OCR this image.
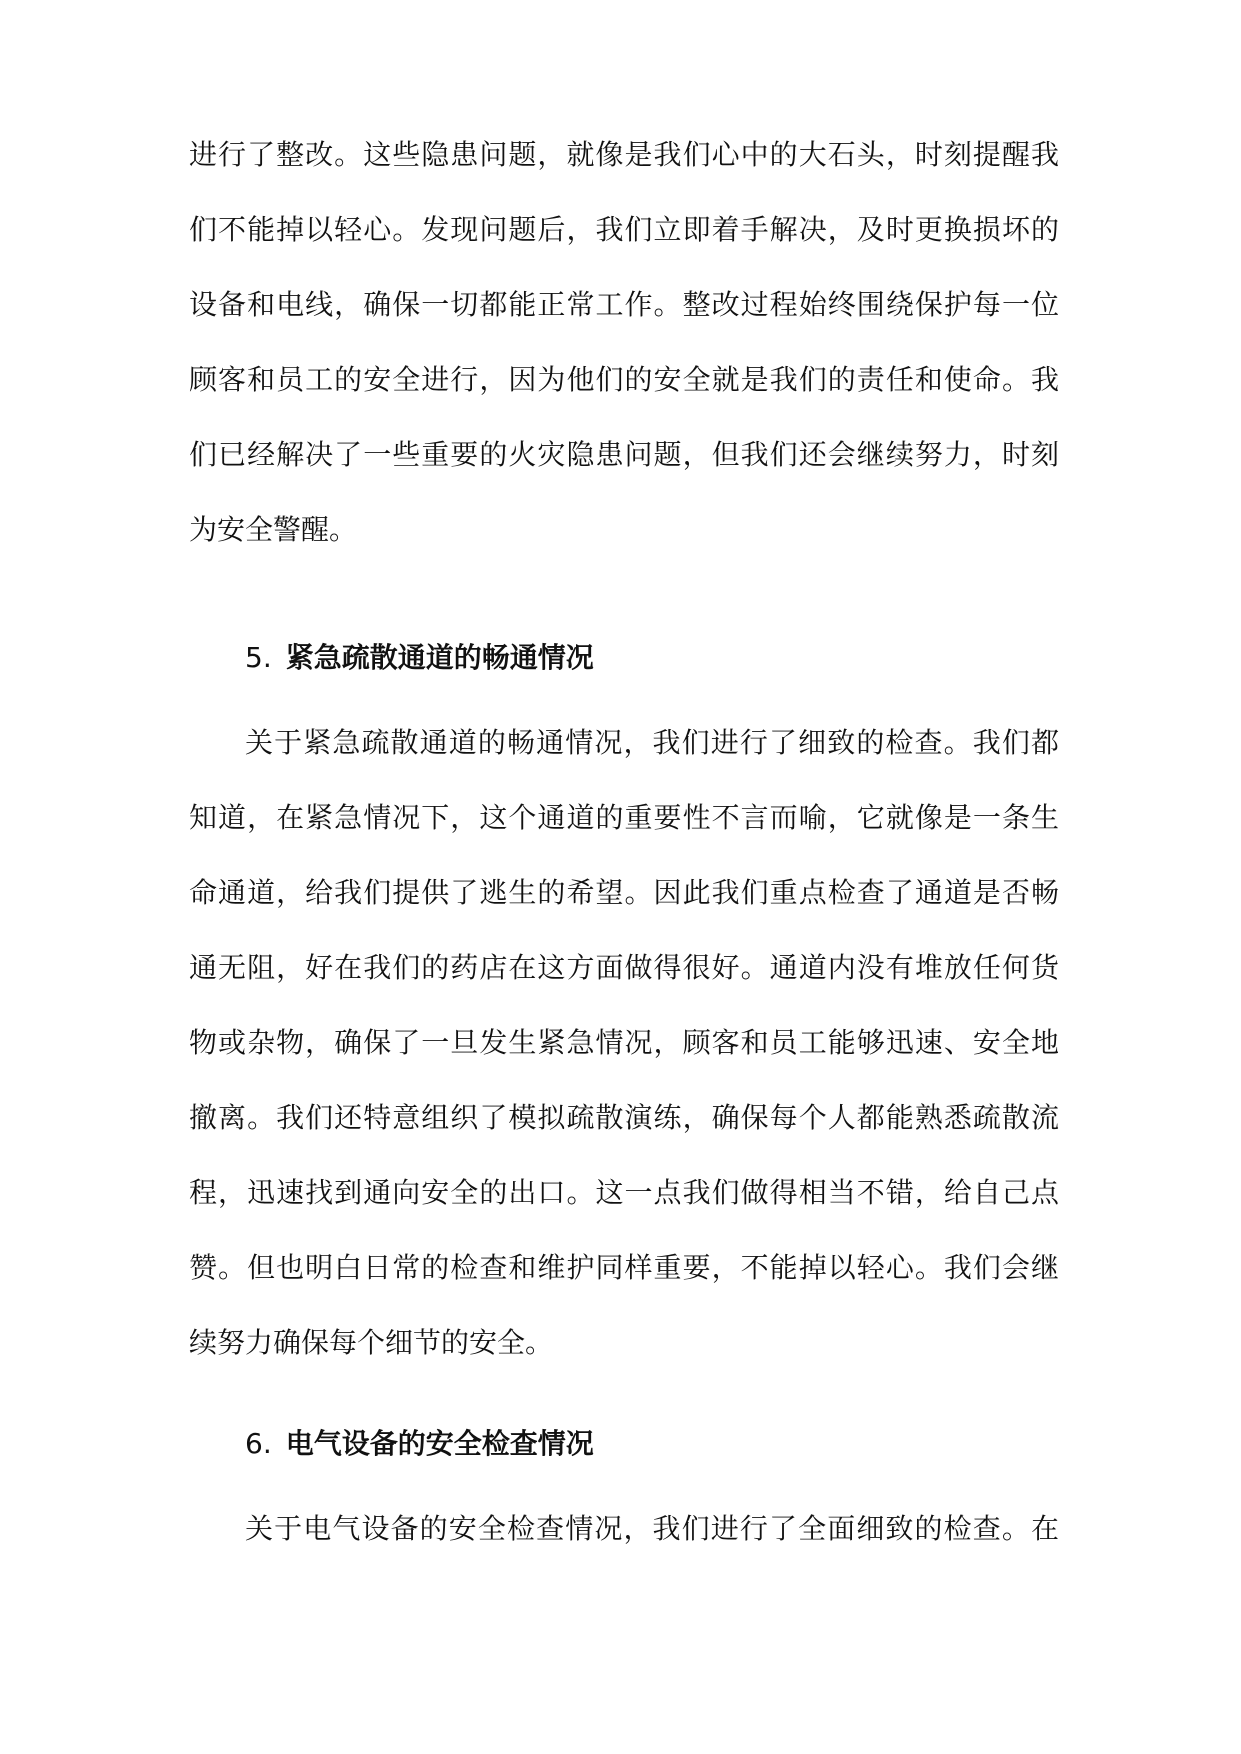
进行了整改。这些隐患问题，就像是我们心中的大石头，时刻提醒我
们不能掉以轻心。发现问题后，我们立即着手解决，及时更换损坏的
设备和电线，确保一切都能正常工作。整改过程始终围绕保护每一位
顾客和员工的安全进行，因为他们的安全就是我们的责任和使命。我
们已经解决了一些重要的火灾隐患问题，但我们还会继续努力，时刻
为安全警醒。
5. 紧急疏散通道的畅通情况
关于紧急疏散通道的畅通情况，我们进行了细致的检查。我们都
知道，在紧急情况下，这个通道的重要性不言而喻，它就像是一条生
命通道，给我们提供了逃生的希望。因此我们重点检查了通道是否畅
通无阻，好在我们的药店在这方面做得很好。通道内没有堆放任何货
物或杂物，确保了一旦发生紧急情况，顾客和员工能够迅速、安全地
撤离。我们还特意组织了模拟疏散演练，确保每个人都能熟悉疏散流
程，迅速找到通向安全的出口。这一点我们做得相当不错，给自己点
赞。但也明白日常的检查和维护同样重要，不能掉以轻心。我们会继
续努力确保每个细节的安全。
6. 电气设备的安全检查情况
关于电气设备的安全检查情况，我们进行了全面细致的检查。在
